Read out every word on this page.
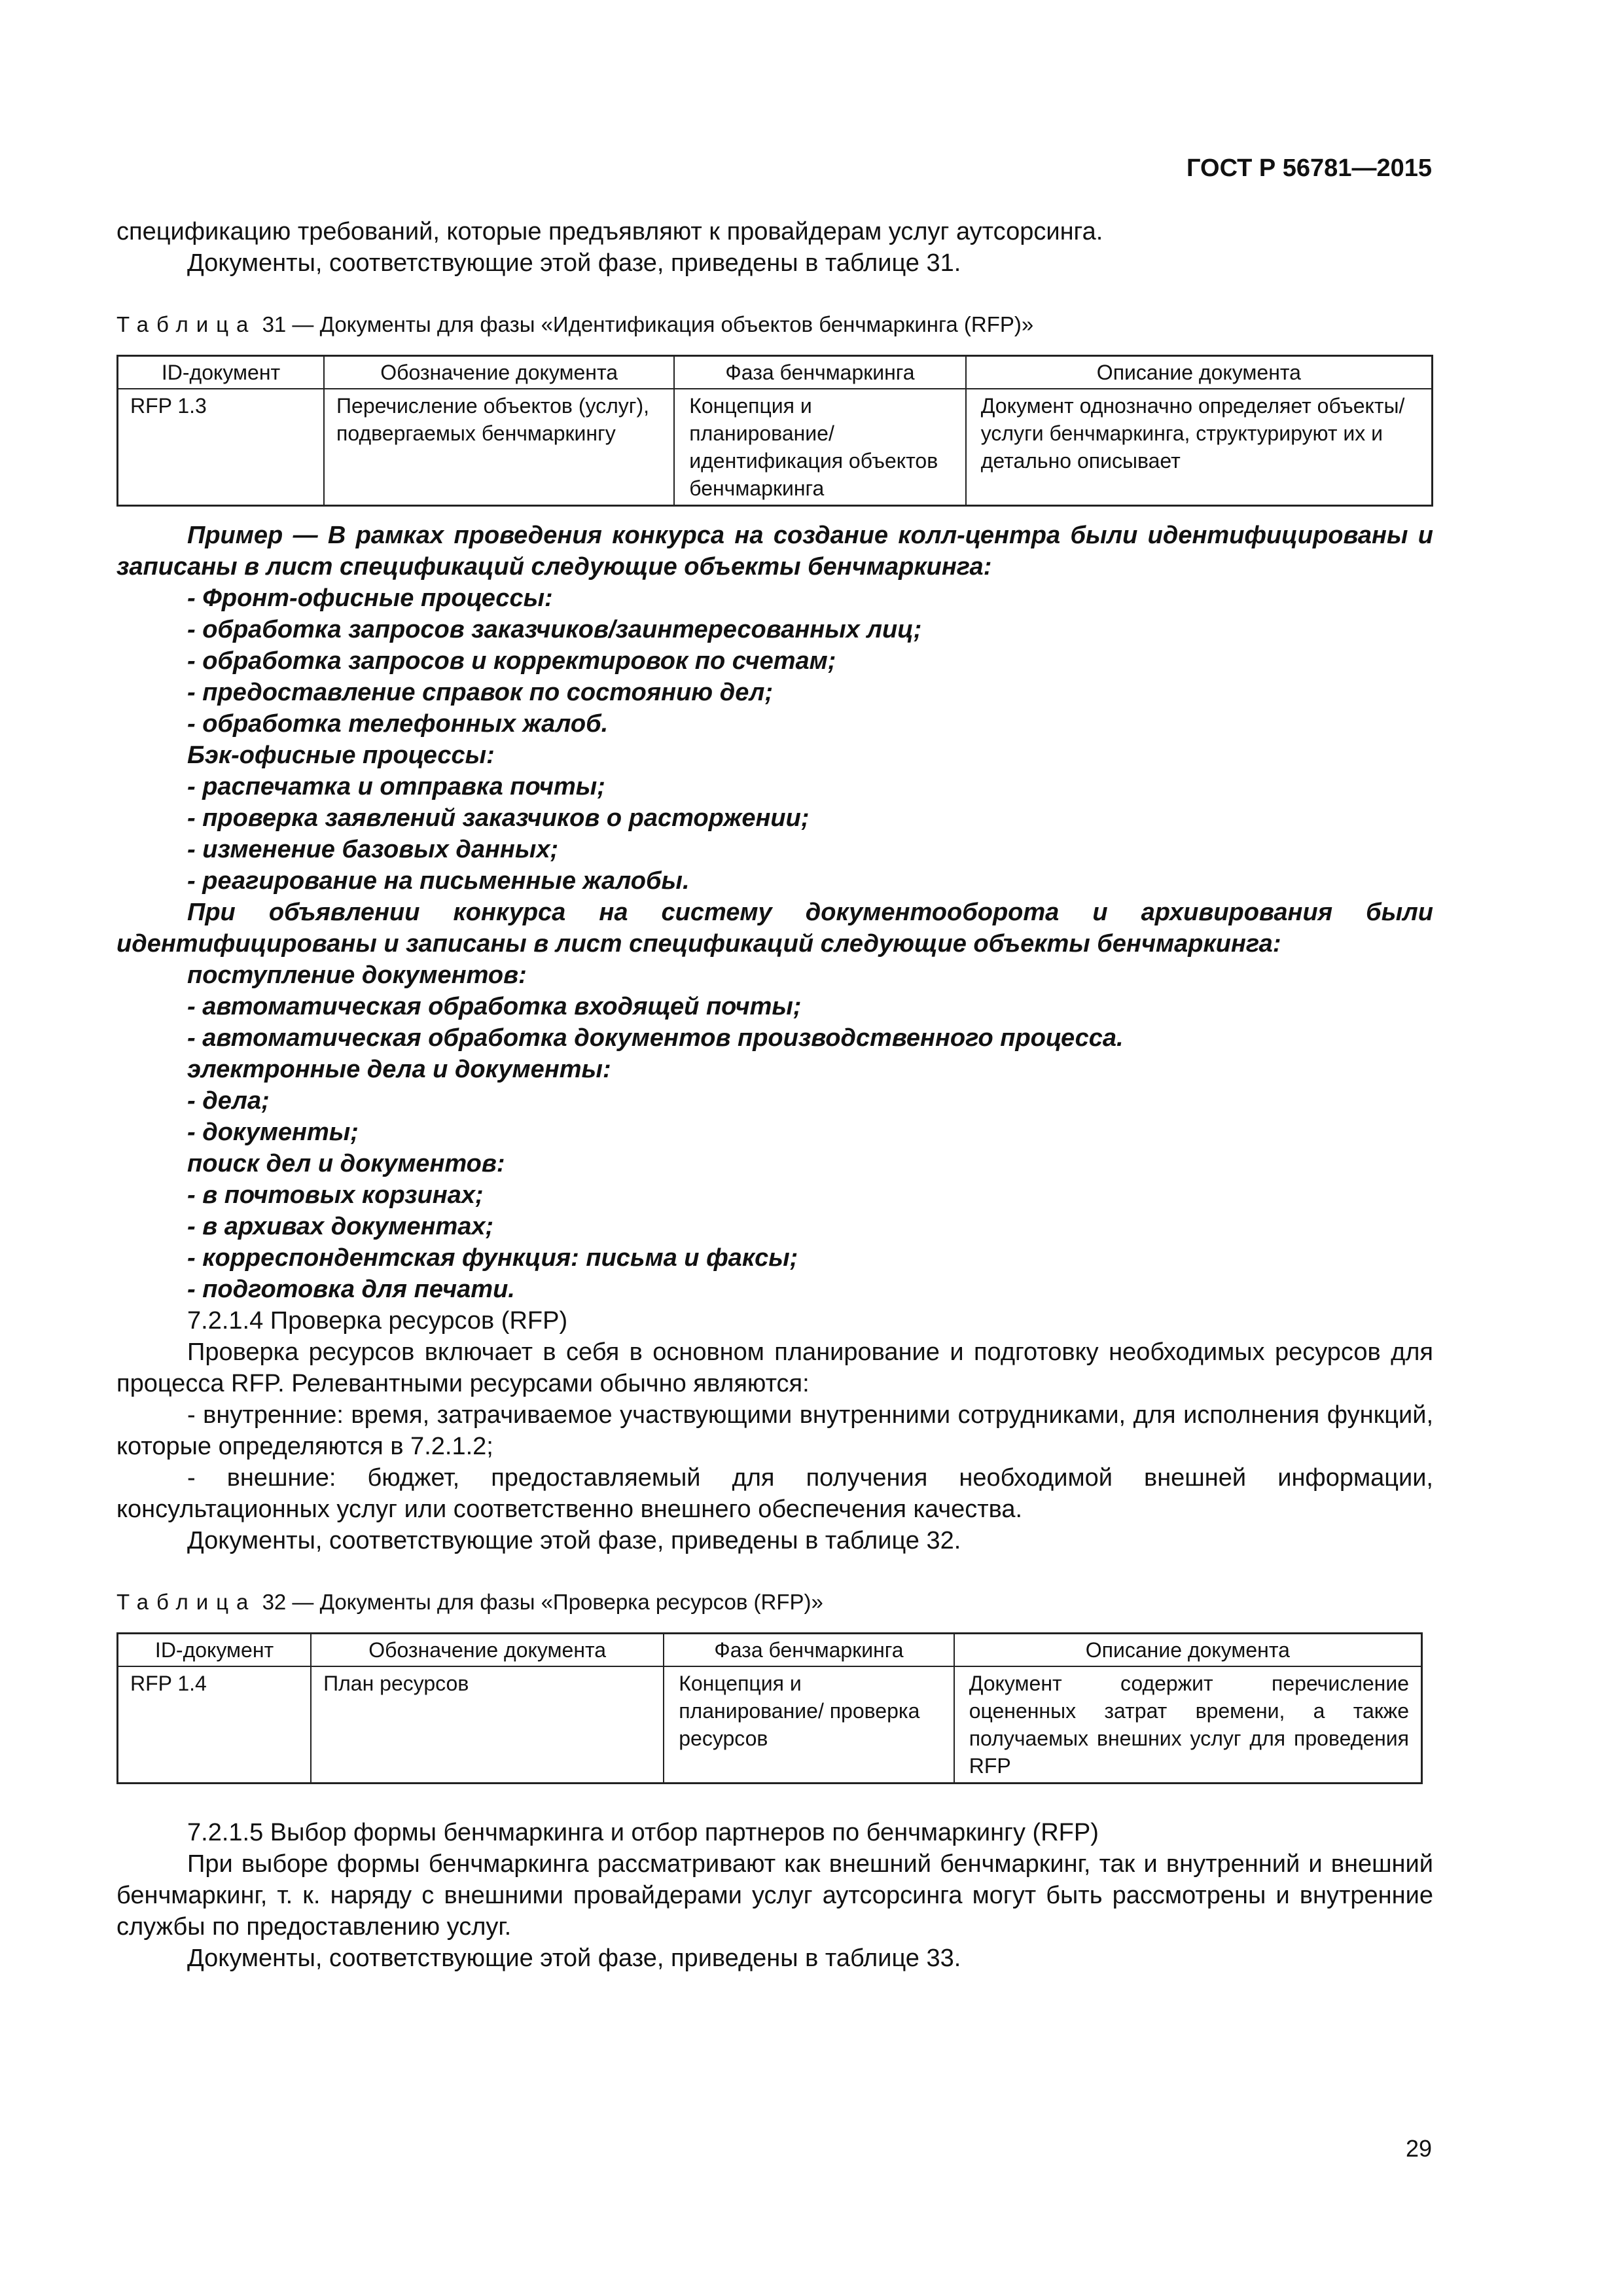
ГОСТ Р 56781—2015

спецификацию требований, которые предъявляют к провайдерам услуг аутсорсинга.

Документы, соответствующие этой фазе, приведены в таблице 31.

Таблица 31 — Документы для фазы «Идентификация объектов бенчмаркинга (RFP)»

ID-документ	Обозначение документа	Фаза бенчмаркинга	Описание документа
RFP 1.3	Перечисление объектов (услуг), подвергаемых бенчмаркингу	Концепция и планирование/ идентификация объектов бенчмаркинга	Документ однозначно определяет объекты/услуги бенчмаркинга, структурируют их и детально описывает

Пример — В рамках проведения конкурса на создание колл-центра были идентифицированы и записаны в лист спецификаций следующие объекты бенчмаркинга:

- Фронт-офисные процессы:

- обработка запросов заказчиков/заинтересованных лиц;

- обработка запросов и корректировок по счетам;

- предоставление справок по состоянию дел;

- обработка телефонных жалоб.

Бэк-офисные процессы:

- распечатка и отправка почты;

- проверка заявлений заказчиков о расторжении;

- изменение базовых данных;

- реагирование на письменные жалобы.

При объявлении конкурса на систему документооборота и архивирования были идентифицированы и записаны в лист спецификаций следующие объекты бенчмаркинга:

поступление документов:

- автоматическая обработка входящей почты;

- автоматическая обработка документов производственного процесса.

электронные дела и документы:

- дела;

- документы;

поиск дел и документов:

- в почтовых корзинах;

- в архивах документах;

- корреспондентская функция: письма и факсы;

- подготовка для печати.

7.2.1.4 Проверка ресурсов (RFP)

Проверка ресурсов включает в себя в основном планирование и подготовку необходимых ресурсов для процесса RFP. Релевантными ресурсами обычно являются:

- внутренние: время, затрачиваемое участвующими внутренними сотрудниками, для исполнения функций, которые определяются в 7.2.1.2;

- внешние: бюджет, предоставляемый для получения необходимой внешней информации, консультационных услуг или соответственно внешнего обеспечения качества.

Документы, соответствующие этой фазе, приведены в таблице 32.

Таблица 32 — Документы для фазы «Проверка ресурсов (RFP)»

ID-документ	Обозначение документа	Фаза бенчмаркинга	Описание документа
RFP 1.4	План ресурсов	Концепция и планирование/ проверка ресурсов	Документ содержит перечисление оцененных затрат времени, а также получаемых внешних услуг для проведения RFP

7.2.1.5 Выбор формы бенчмаркинга и отбор партнеров по бенчмаркингу (RFP)

При выборе формы бенчмаркинга рассматривают как внешний бенчмаркинг, так и внутренний и внешний бенчмаркинг, т. к. наряду с внешними провайдерами услуг аутсорсинга могут быть рассмотрены и внутренние службы по предоставлению услуг.

Документы, соответствующие этой фазе, приведены в таблице 33.

29
